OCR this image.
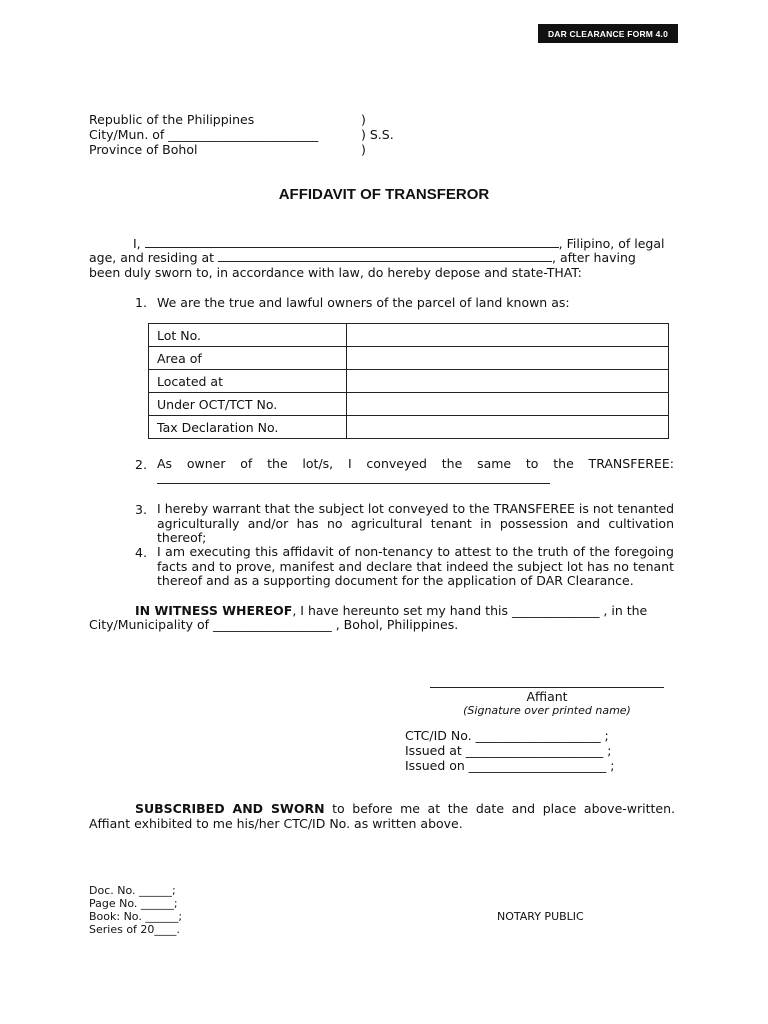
DAR CLEARANCE FORM 4.0
Republic of the Philippines
City/Mun. of ________________________
Province of Bohol
)
) S.S.
)
AFFIDAVIT OF TRANSFEROR
I,	, Filipino, of legal
age, and residing at	, after having
been duly sworn to, in accordance with law, do hereby depose and state-THAT:
1. We are the true and lawful owners of the parcel of land known as:
Lot No.	
Area of	
Located at	
Under OCT/TCT No.	
Tax Declaration No.	
2. As owner of the lot/s, I conveyed the same to the TRANSFEREE:
3. I hereby warrant that the subject lot conveyed to the TRANSFEREE is not tenanted agriculturally and/or has no agricultural tenant in possession and cultivation thereof;
4. I am executing this affidavit of non-tenancy to attest to the truth of the foregoing facts and to prove, manifest and declare that indeed the subject lot has no tenant thereof and as a supporting document for the application of DAR Clearance.
IN WITNESS WHEREOF, I have hereunto set my hand this ______________ , in the
City/Municipality of ___________________ , Bohol, Philippines.
Affiant
(Signature over printed name)
CTC/ID No. ____________________ ;
Issued at ______________________ ;
Issued on ______________________ ;
SUBSCRIBED AND SWORN to before me at the date and place above-written.
Affiant exhibited to me his/her CTC/ID No. as written above.
Doc. No. ______;
Page No. ______;
Book: No. ______;
Series of 20____.
NOTARY PUBLIC
